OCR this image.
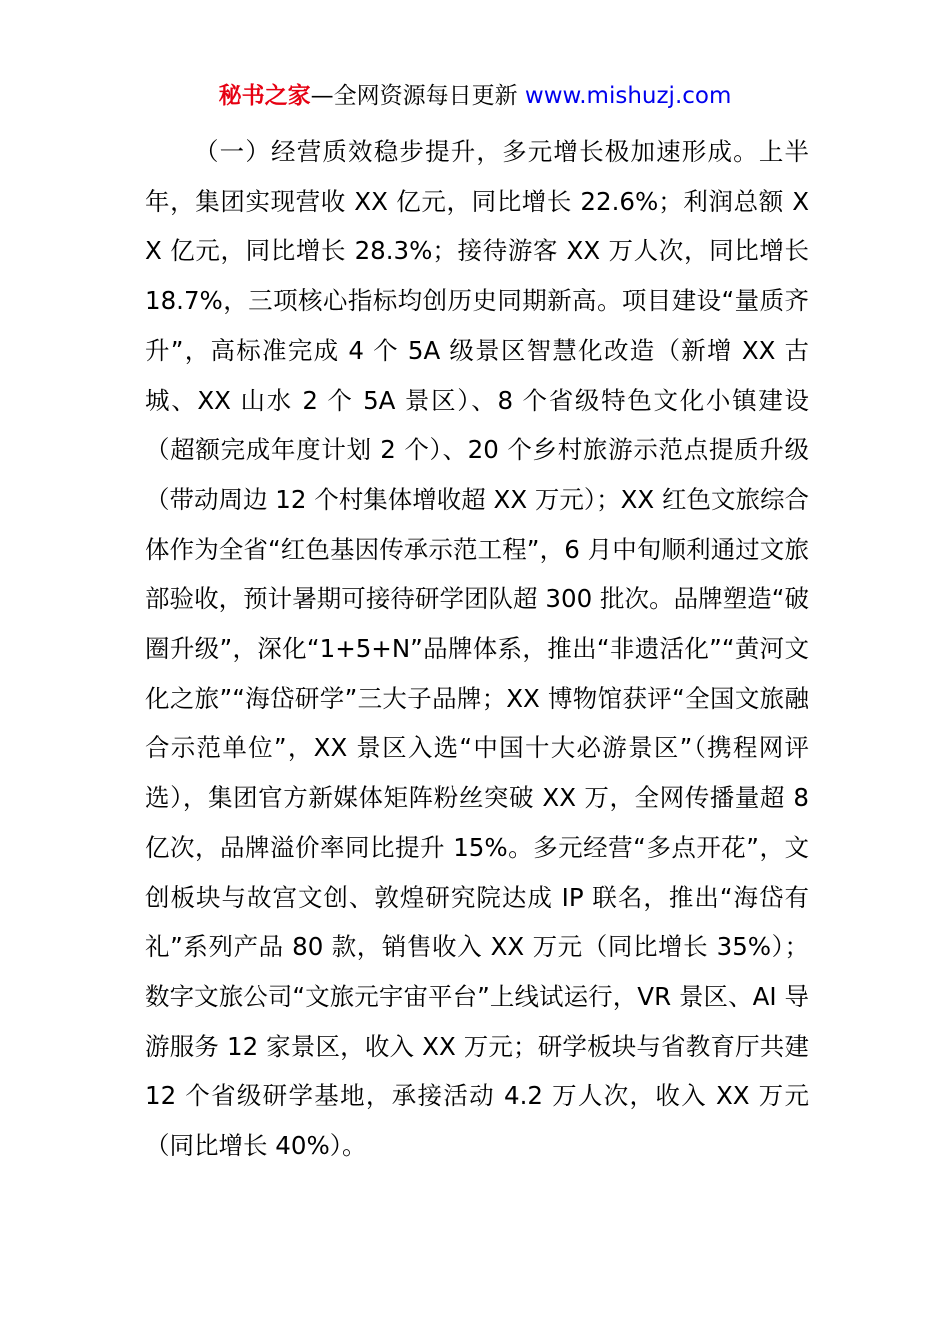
秘书之家—全网资源每日更新 www.mishuzj.com

（一）经营质效稳步提升，多元增长极加速形成。上半年，集团实现营收 XX 亿元，同比增长 22.6%；利润总额 XX 亿元，同比增长 28.3%；接待游客 XX 万人次，同比增长 18.7%，三项核心指标均创历史同期新高。项目建设“量质齐升”，高标准完成 4 个 5A 级景区智慧化改造（新增 XX 古城、XX 山水 2 个 5A 景区）、8 个省级特色文化小镇建设（超额完成年度计划 2 个）、20 个乡村旅游示范点提质升级（带动周边 12 个村集体增收超 XX 万元）；XX 红色文旅综合体作为全省“红色基因传承示范工程”，6 月中旬顺利通过文旅部验收，预计暑期可接待研学团队超 300 批次。品牌塑造“破圈升级”，深化“1+5+N”品牌体系，推出“非遗活化”“黄河文化之旅”“海岱研学”三大子品牌；XX 博物馆获评“全国文旅融合示范单位”，XX 景区入选“中国十大必游景区”（携程网评选），集团官方新媒体矩阵粉丝突破 XX 万，全网传播量超 8 亿次，品牌溢价率同比提升 15%。多元经营“多点开花”，文创板块与故宫文创、敦煌研究院达成 IP 联名，推出“海岱有礼”系列产品 80 款，销售收入 XX 万元（同比增长 35%）；数字文旅公司“文旅元宇宙平台”上线试运行，VR 景区、AI 导游服务 12 家景区，收入 XX 万元；研学板块与省教育厅共建 12 个省级研学基地，承接活动 4.2 万人次，收入 XX 万元（同比增长 40%）。
